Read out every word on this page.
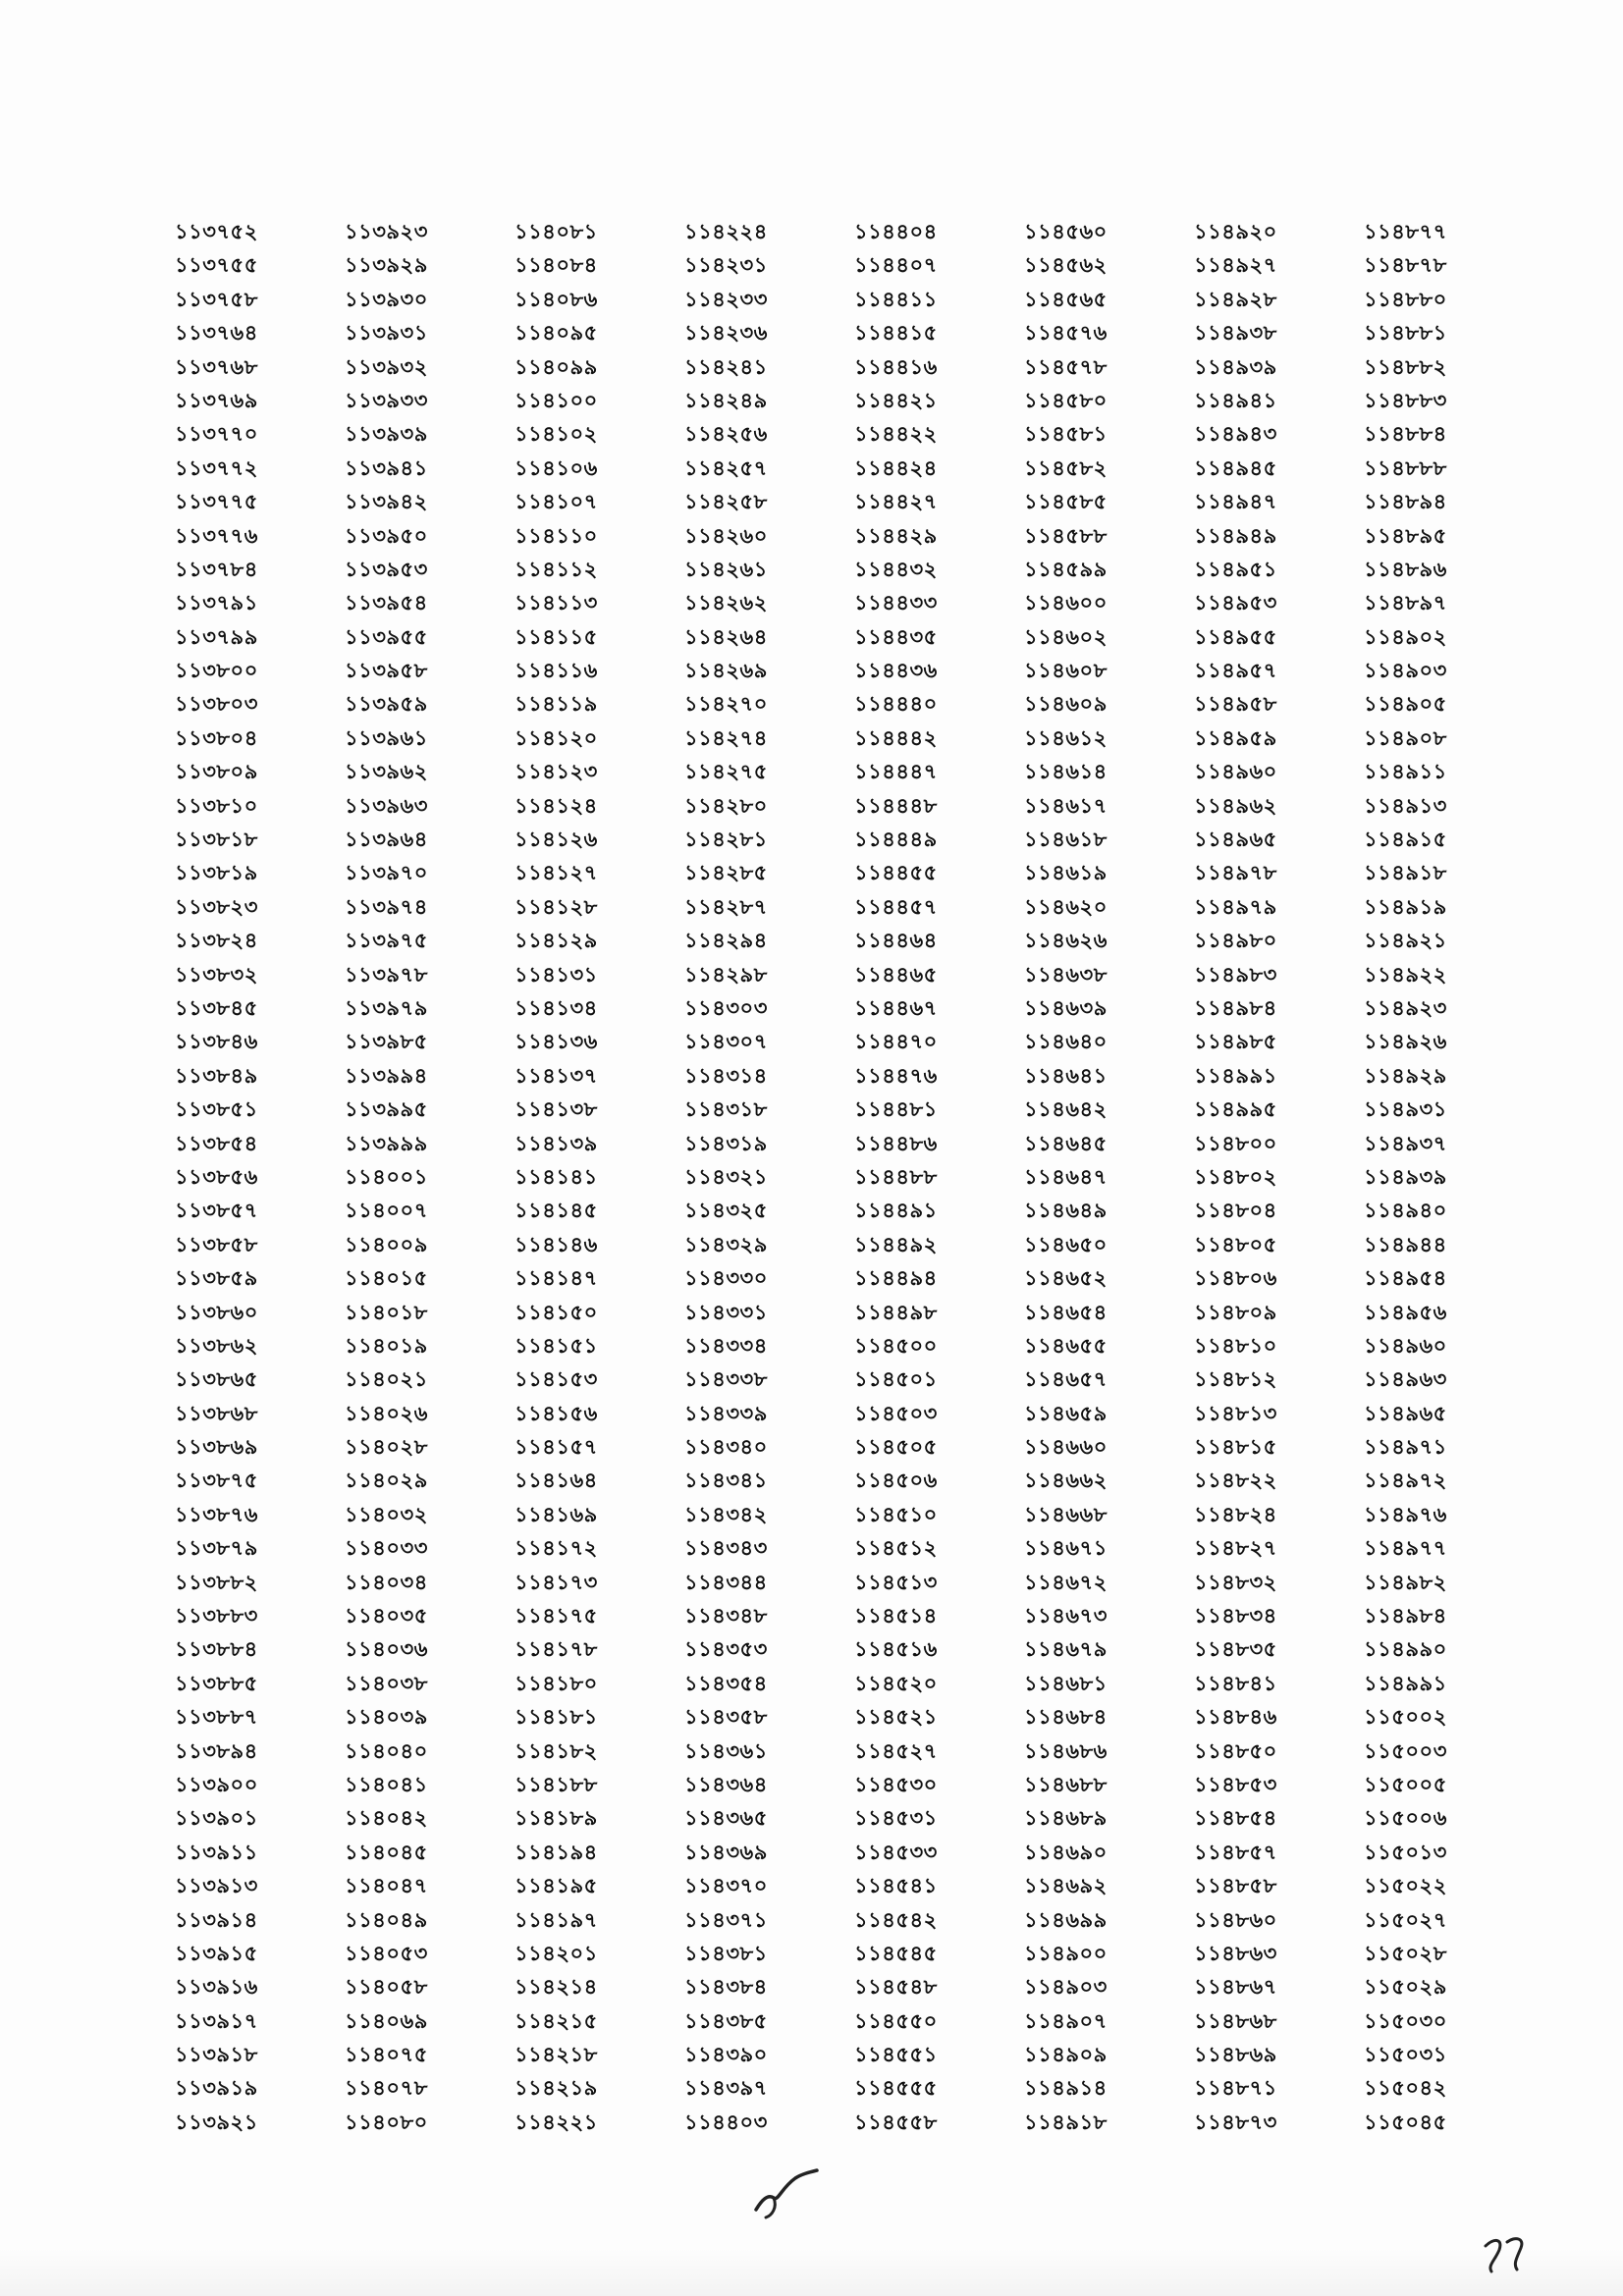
১১৩৭৫২
১১৩৭৫৫
১১৩৭৫৮
১১৩৭৬৪
১১৩৭৬৮
১১৩৭৬৯
১১৩৭৭০
১১৩৭৭২
১১৩৭৭৫
১১৩৭৭৬
১১৩৭৮৪
১১৩৭৯১
১১৩৭৯৯
১১৩৮০০
১১৩৮০৩
১১৩৮০৪
১১৩৮০৯
১১৩৮১০
১১৩৮১৮
১১৩৮১৯
১১৩৮২৩
১১৩৮২৪
১১৩৮৩২
১১৩৮৪৫
১১৩৮৪৬
১১৩৮৪৯
১১৩৮৫১
১১৩৮৫৪
১১৩৮৫৬
১১৩৮৫৭
১১৩৮৫৮
১১৩৮৫৯
১১৩৮৬০
১১৩৮৬২
১১৩৮৬৫
১১৩৮৬৮
১১৩৮৬৯
১১৩৮৭৫
১১৩৮৭৬
১১৩৮৭৯
১১৩৮৮২
১১৩৮৮৩
১১৩৮৮৪
১১৩৮৮৫
১১৩৮৮৭
১১৩৮৯৪
১১৩৯০০
১১৩৯০১
১১৩৯১১
১১৩৯১৩
১১৩৯১৪
১১৩৯১৫
১১৩৯১৬
১১৩৯১৭
১১৩৯১৮
১১৩৯১৯
১১৩৯২১
১১৩৯২৩
১১৩৯২৯
১১৩৯৩০
১১৩৯৩১
১১৩৯৩২
১১৩৯৩৩
১১৩৯৩৯
১১৩৯৪১
১১৩৯৪২
১১৩৯৫০
১১৩৯৫৩
১১৩৯৫৪
১১৩৯৫৫
১১৩৯৫৮
১১৩৯৫৯
১১৩৯৬১
১১৩৯৬২
১১৩৯৬৩
১১৩৯৬৪
১১৩৯৭০
১১৩৯৭৪
১১৩৯৭৫
১১৩৯৭৮
১১৩৯৭৯
১১৩৯৮৫
১১৩৯৯৪
১১৩৯৯৫
১১৩৯৯৯
১১৪০০১
১১৪০০৭
১১৪০০৯
১১৪০১৫
১১৪০১৮
১১৪০১৯
১১৪০২১
১১৪০২৬
১১৪০২৮
১১৪০২৯
১১৪০৩২
১১৪০৩৩
১১৪০৩৪
১১৪০৩৫
১১৪০৩৬
১১৪০৩৮
১১৪০৩৯
১১৪০৪০
১১৪০৪১
১১৪০৪২
১১৪০৪৫
১১৪০৪৭
১১৪০৪৯
১১৪০৫৩
১১৪০৫৮
১১৪০৬৯
১১৪০৭৫
১১৪০৭৮
১১৪০৮০
১১৪০৮১
১১৪০৮৪
১১৪০৮৬
১১৪০৯৫
১১৪০৯৯
১১৪১০০
১১৪১০২
১১৪১০৬
১১৪১০৭
১১৪১১০
১১৪১১২
১১৪১১৩
১১৪১১৫
১১৪১১৬
১১৪১১৯
১১৪১২০
১১৪১২৩
১১৪১২৪
১১৪১২৬
১১৪১২৭
১১৪১২৮
১১৪১২৯
১১৪১৩১
১১৪১৩৪
১১৪১৩৬
১১৪১৩৭
১১৪১৩৮
১১৪১৩৯
১১৪১৪১
১১৪১৪৫
১১৪১৪৬
১১৪১৪৭
১১৪১৫০
১১৪১৫১
১১৪১৫৩
১১৪১৫৬
১১৪১৫৭
১১৪১৬৪
১১৪১৬৯
১১৪১৭২
১১৪১৭৩
১১৪১৭৫
১১৪১৭৮
১১৪১৮০
১১৪১৮১
১১৪১৮২
১১৪১৮৮
১১৪১৮৯
১১৪১৯৪
১১৪১৯৫
১১৪১৯৭
১১৪২০১
১১৪২১৪
১১৪২১৫
১১৪২১৮
১১৪২১৯
১১৪২২১
১১৪২২৪
১১৪২৩১
১১৪২৩৩
১১৪২৩৬
১১৪২৪১
১১৪২৪৯
১১৪২৫৬
১১৪২৫৭
১১৪২৫৮
১১৪২৬০
১১৪২৬১
১১৪২৬২
১১৪২৬৪
১১৪২৬৯
১১৪২৭০
১১৪২৭৪
১১৪২৭৫
১১৪২৮০
১১৪২৮১
১১৪২৮৫
১১৪২৮৭
১১৪২৯৪
১১৪২৯৮
১১৪৩০৩
১১৪৩০৭
১১৪৩১৪
১১৪৩১৮
১১৪৩১৯
১১৪৩২১
১১৪৩২৫
১১৪৩২৯
১১৪৩৩০
১১৪৩৩১
১১৪৩৩৪
১১৪৩৩৮
১১৪৩৩৯
১১৪৩৪০
১১৪৩৪১
১১৪৩৪২
১১৪৩৪৩
১১৪৩৪৪
১১৪৩৪৮
১১৪৩৫৩
১১৪৩৫৪
১১৪৩৫৮
১১৪৩৬১
১১৪৩৬৪
১১৪৩৬৫
১১৪৩৬৯
১১৪৩৭০
১১৪৩৭১
১১৪৩৮১
১১৪৩৮৪
১১৪৩৮৫
১১৪৩৯০
১১৪৩৯৭
১১৪৪০৩
১১৪৪০৪
১১৪৪০৭
১১৪৪১১
১১৪৪১৫
১১৪৪১৬
১১৪৪২১
১১৪৪২২
১১৪৪২৪
১১৪৪২৭
১১৪৪২৯
১১৪৪৩২
১১৪৪৩৩
১১৪৪৩৫
১১৪৪৩৬
১১৪৪৪০
১১৪৪৪২
১১৪৪৪৭
১১৪৪৪৮
১১৪৪৪৯
১১৪৪৫৫
১১৪৪৫৭
১১৪৪৬৪
১১৪৪৬৫
১১৪৪৬৭
১১৪৪৭০
১১৪৪৭৬
১১৪৪৮১
১১৪৪৮৬
১১৪৪৮৮
১১৪৪৯১
১১৪৪৯২
১১৪৪৯৪
১১৪৪৯৮
১১৪৫০০
১১৪৫০১
১১৪৫০৩
১১৪৫০৫
১১৪৫০৬
১১৪৫১০
১১৪৫১২
১১৪৫১৩
১১৪৫১৪
১১৪৫১৬
১১৪৫২০
১১৪৫২১
১১৪৫২৭
১১৪৫৩০
১১৪৫৩১
১১৪৫৩৩
১১৪৫৪১
১১৪৫৪২
১১৪৫৪৫
১১৪৫৪৮
১১৪৫৫০
১১৪৫৫১
১১৪৫৫৫
১১৪৫৫৮
১১৪৫৬০
১১৪৫৬২
১১৪৫৬৫
১১৪৫৭৬
১১৪৫৭৮
১১৪৫৮০
১১৪৫৮১
১১৪৫৮২
১১৪৫৮৫
১১৪৫৮৮
১১৪৫৯৯
১১৪৬০০
১১৪৬০২
১১৪৬০৮
১১৪৬০৯
১১৪৬১২
১১৪৬১৪
১১৪৬১৭
১১৪৬১৮
১১৪৬১৯
১১৪৬২০
১১৪৬২৬
১১৪৬৩৮
১১৪৬৩৯
১১৪৬৪০
১১৪৬৪১
১১৪৬৪২
১১৪৬৪৫
১১৪৬৪৭
১১৪৬৪৯
১১৪৬৫০
১১৪৬৫২
১১৪৬৫৪
১১৪৬৫৫
১১৪৬৫৭
১১৪৬৫৯
১১৪৬৬০
১১৪৬৬২
১১৪৬৬৮
১১৪৬৭১
১১৪৬৭২
১১৪৬৭৩
১১৪৬৭৯
১১৪৬৮১
১১৪৬৮৪
১১৪৬৮৬
১১৪৬৮৮
১১৪৬৮৯
১১৪৬৯০
১১৪৬৯২
১১৪৬৯৯
১১৪৯০০
১১৪৯০৩
১১৪৯০৭
১১৪৯০৯
১১৪৯১৪
১১৪৯১৮
১১৪৯২০
১১৪৯২৭
১১৪৯২৮
১১৪৯৩৮
১১৪৯৩৯
১১৪৯৪১
১১৪৯৪৩
১১৪৯৪৫
১১৪৯৪৭
১১৪৯৪৯
১১৪৯৫১
১১৪৯৫৩
১১৪৯৫৫
১১৪৯৫৭
১১৪৯৫৮
১১৪৯৫৯
১১৪৯৬০
১১৪৯৬২
১১৪৯৬৫
১১৪৯৭৮
১১৪৯৭৯
১১৪৯৮০
১১৪৯৮৩
১১৪৯৮৪
১১৪৯৮৫
১১৪৯৯১
১১৪৯৯৫
১১৪৮০০
১১৪৮০২
১১৪৮০৪
১১৪৮০৫
১১৪৮০৬
১১৪৮০৯
১১৪৮১০
১১৪৮১২
১১৪৮১৩
১১৪৮১৫
১১৪৮২২
১১৪৮২৪
১১৪৮২৭
১১৪৮৩২
১১৪৮৩৪
১১৪৮৩৫
১১৪৮৪১
১১৪৮৪৬
১১৪৮৫০
১১৪৮৫৩
১১৪৮৫৪
১১৪৮৫৭
১১৪৮৫৮
১১৪৮৬০
১১৪৮৬৩
১১৪৮৬৭
১১৪৮৬৮
১১৪৮৬৯
১১৪৮৭১
১১৪৮৭৩
১১৪৮৭৭
১১৪৮৭৮
১১৪৮৮০
১১৪৮৮১
১১৪৮৮২
১১৪৮৮৩
১১৪৮৮৪
১১৪৮৮৮
১১৪৮৯৪
১১৪৮৯৫
১১৪৮৯৬
১১৪৮৯৭
১১৪৯০২
১১৪৯০৩
১১৪৯০৫
১১৪৯০৮
১১৪৯১১
১১৪৯১৩
১১৪৯১৫
১১৪৯১৮
১১৪৯১৯
১১৪৯২১
১১৪৯২২
১১৪৯২৩
১১৪৯২৬
১১৪৯২৯
১১৪৯৩১
১১৪৯৩৭
১১৪৯৩৯
১১৪৯৪০
১১৪৯৪৪
১১৪৯৫৪
১১৪৯৫৬
১১৪৯৬০
১১৪৯৬৩
১১৪৯৬৫
১১৪৯৭১
১১৪৯৭২
১১৪৯৭৬
১১৪৯৭৭
১১৪৯৮২
১১৪৯৮৪
১১৪৯৯০
১১৪৯৯১
১১৫০০২
১১৫০০৩
১১৫০০৫
১১৫০০৬
১১৫০১৩
১১৫০২২
১১৫০২৭
১১৫০২৮
১১৫০২৯
১১৫০৩০
১১৫০৩১
১১৫০৪২
১১৫০৪৫
